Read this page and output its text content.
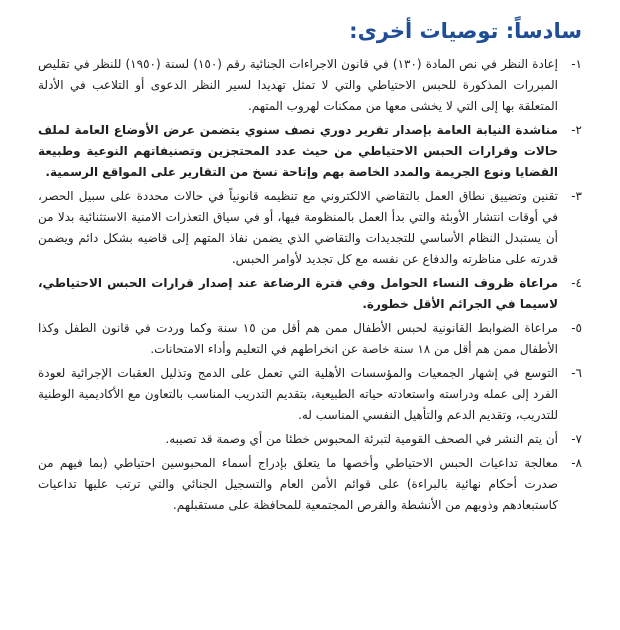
سادساً: توصيات أخرى:
١-
إعادة النظر في نص المادة (١٣٠) في قانون الاجراءات الجنائية رقم (١٥٠) لسنة (١٩٥٠) للنظر في تقليص المبررات المذكورة للحبس الاحتياطي والتي لا تمثل تهديدا لسير النظر الدعوى أو التلاعب في الأدلة المتعلقة بها إلى التي لا يخشى معها من ممكنات لهروب المتهم.
٢-
مناشدة النيابة العامة بإصدار تقرير دوري نصف سنوي يتضمن عرض الأوضاع العامة لملف حالات وقرارات الحبس الاحتياطي من حيث عدد المحتجزين وتصنيفاتهم النوعية وطبيعة القضايا ونوع الجريمة والمدد الخاصة بهم وإتاحة نسخ من التقارير على المواقع الرسمية.
٣-
تقنين وتضييق نطاق العمل بالتقاضي الالكتروني مع تنظيمه قانونياً في حالات محددة على سبيل الحصر، في أوقات انتشار الأوبئة والتي بدأ العمل بالمنظومة فيها، أو في سياق التعذرات الامنية الاستثنائية بدلا من أن يستبدل النظام الأساسي للتجديدات والتقاضي الذي يضمن نفاذ المتهم إلى قاضيه بشكل دائم ويضمن قدرته على مناظرته والدفاع عن نفسه مع كل تجديد لأوامر الحبس.
٤-
مراعاة ظروف النساء الحوامل وفي فترة الرضاعة عند إصدار قرارات الحبس الاحتياطي، لاسيما في الجرائم الأقل خطورة.
٥-
مراعاة الضوابط القانونية لحبس الأطفال ممن هم أقل من ١٥ سنة وكما وردت في قانون الطفل وكذا الأطفال ممن هم أقل من ١٨ سنة خاصة عن انخراطهم في التعليم وأداء الامتحانات.
٦-
التوسع في إشهار الجمعيات والمؤسسات الأهلية التي تعمل على الدمج وتذليل العقبات الإجرائية لعودة الفرد إلى عمله ودراسته واستعادته حياته الطبيعية، بتقديم التدريب المناسب بالتعاون مع الأكاديمية الوطنية للتدريب، وتقديم الدعم والتأهيل النفسي المناسب له.
٧-
أن يتم النشر في الصحف القومية لتبرئة المحبوس خطئا من أي وصمة قد تصيبه.
٨-
معالجة تداعيات الحبس الاحتياطي وأخصها ما يتعلق بإدراج أسماء المحبوسين احتياطي (بما فيهم من صدرت أحكام نهائية بالبراءة) على قوائم الأمن العام والتسجيل الجنائي والتي ترتب عليها تداعيات كاستبعادهم وذويهم من الأنشطة والفرص المجتمعية للمحافظة على مستقبلهم.
